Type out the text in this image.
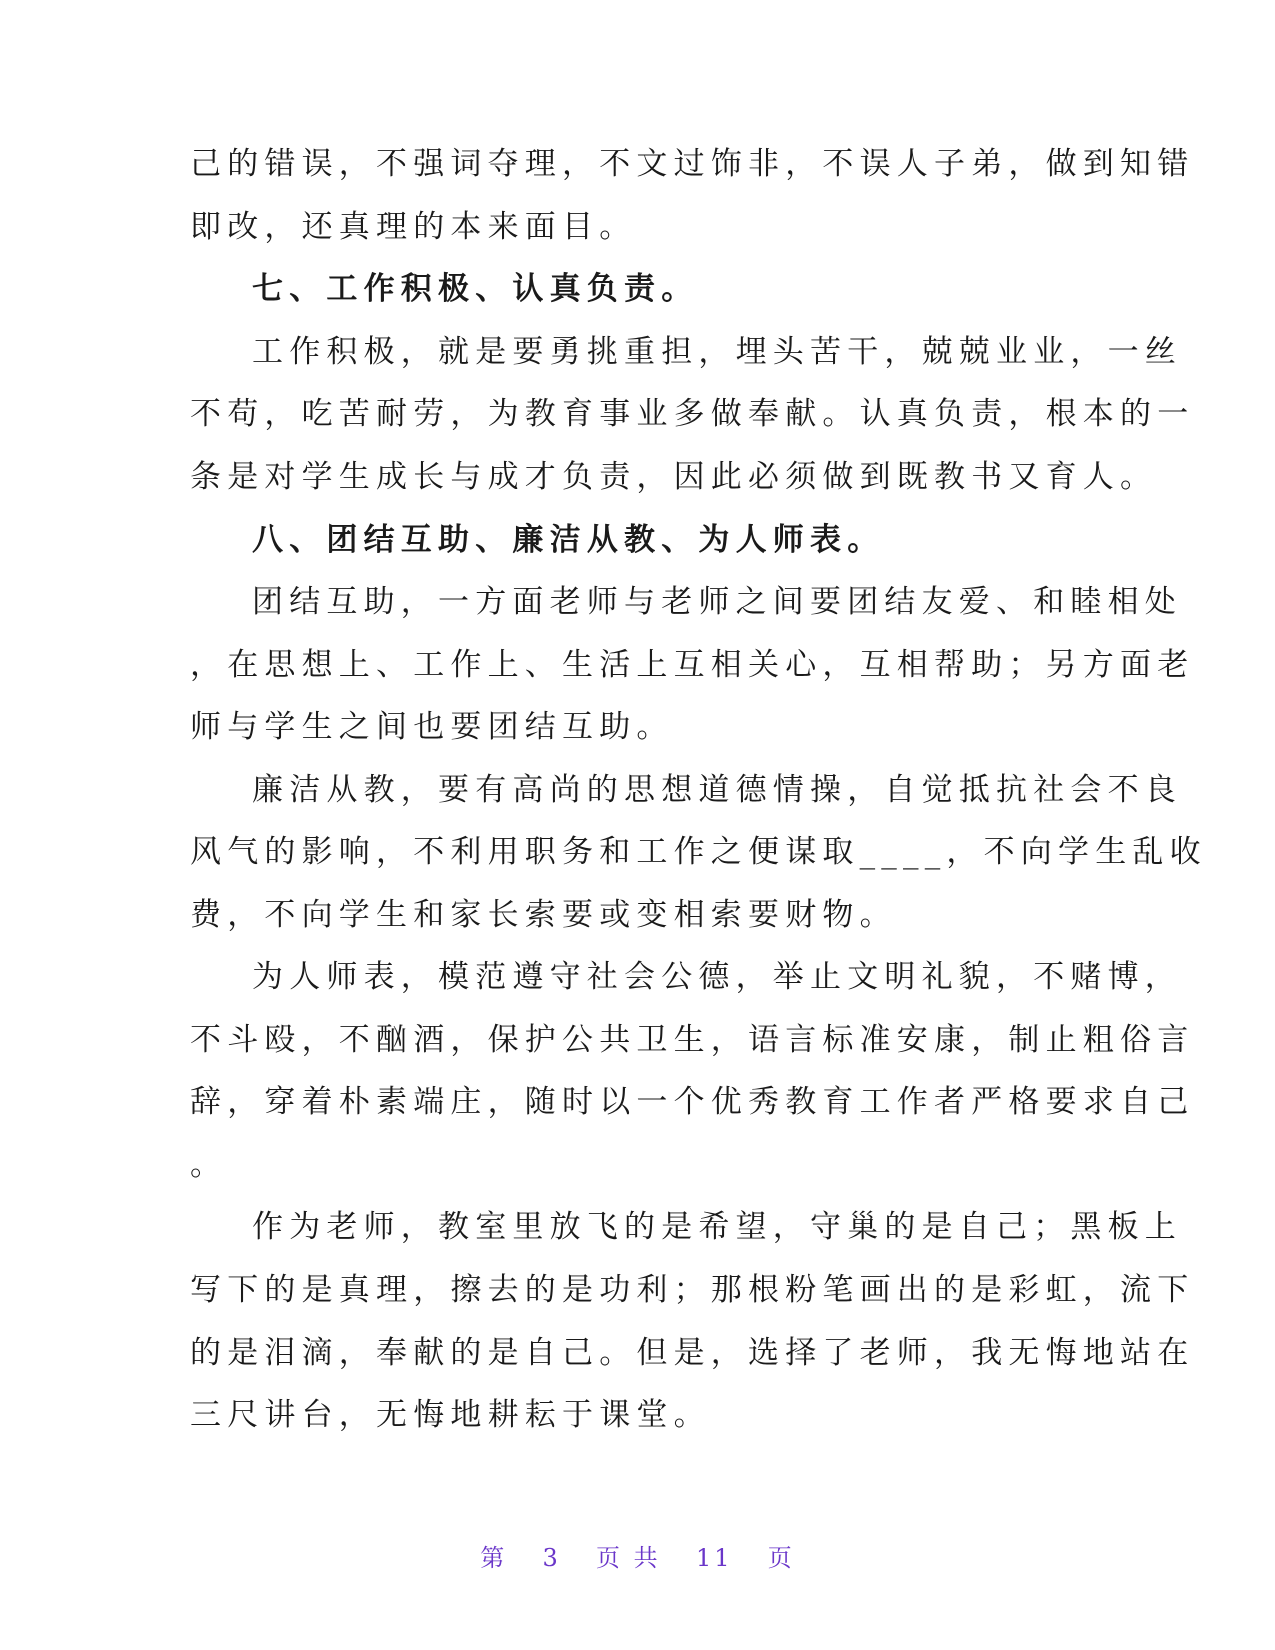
己的错误，不强词夺理，不文过饰非，不误人子弟，做到知错
即改，还真理的本来面目。
七、工作积极、认真负责。
工作积极，就是要勇挑重担，埋头苦干，兢兢业业，一丝
不苟，吃苦耐劳，为教育事业多做奉献。认真负责，根本的一
条是对学生成长与成才负责，因此必须做到既教书又育人。
八、团结互助、廉洁从教、为人师表。
团结互助，一方面老师与老师之间要团结友爱、和睦相处
，在思想上、工作上、生活上互相关心，互相帮助；另方面老
师与学生之间也要团结互助。
廉洁从教，要有高尚的思想道德情操，自觉抵抗社会不良
风气的影响，不利用职务和工作之便谋取____，不向学生乱收
费，不向学生和家长索要或变相索要财物。
为人师表，模范遵守社会公德，举止文明礼貌，不赌博，
不斗殴，不酗酒，保护公共卫生，语言标准安康，制止粗俗言
辞，穿着朴素端庄，随时以一个优秀教育工作者严格要求自己
。
作为老师，教室里放飞的是希望，守巢的是自己；黑板上
写下的是真理，擦去的是功利；那根粉笔画出的是彩虹，流下
的是泪滴，奉献的是自己。但是，选择了老师，我无悔地站在
三尺讲台，无悔地耕耘于课堂。
第 3 页 共 11 页
